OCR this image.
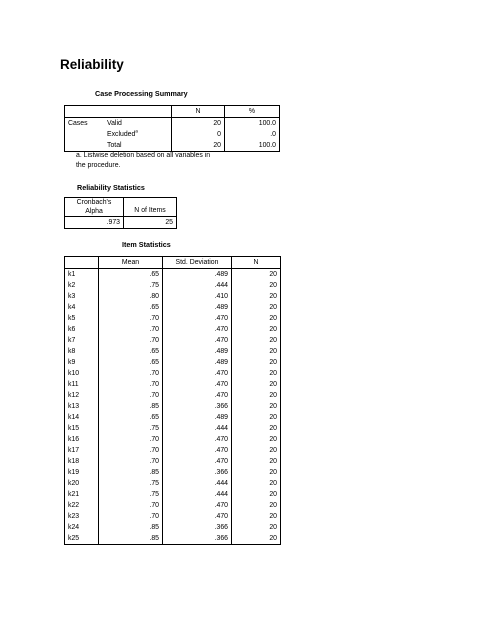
Reliability
Case Processing Summary
		N	%
Cases	Valid	20	100.0
	Excluded$^a$	0	.0
	Total	20	100.0
a. Listwise deletion based on all variables in the procedure.
Reliability Statistics
Cronbach's
Alpha	N of Items
.973	25
Item Statistics
	Mean	Std. Deviation	N
k1	.65	.489	20
k2	.75	.444	20
k3	.80	.410	20
k4	.65	.489	20
k5	.70	.470	20
k6	.70	.470	20
k7	.70	.470	20
k8	.65	.489	20
k9	.65	.489	20
k10	.70	.470	20
k11	.70	.470	20
k12	.70	.470	20
k13	.85	.366	20
k14	.65	.489	20
k15	.75	.444	20
k16	.70	.470	20
k17	.70	.470	20
k18	.70	.470	20
k19	.85	.366	20
k20	.75	.444	20
k21	.75	.444	20
k22	.70	.470	20
k23	.70	.470	20
k24	.85	.366	20
k25	.85	.366	20
